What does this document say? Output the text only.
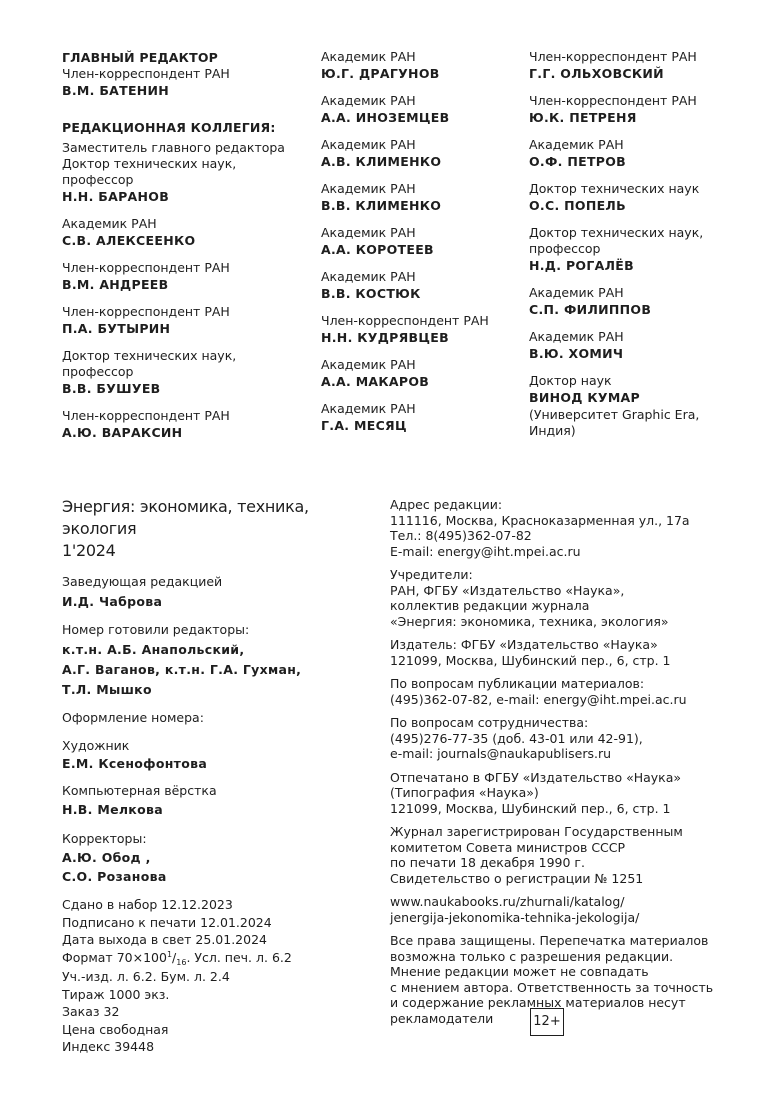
ГЛАВНЫЙ РЕДАКТОР
Член-корреспондент РАН
В.М. БАТЕНИН
РЕДАКЦИОННАЯ КОЛЛЕГИЯ:
Заместитель главного редактора
Доктор технических наук,
профессор
Н.Н. БАРАНОВ
Академик РАН
С.В. АЛЕКСЕЕНКО
Член-корреспондент РАН
В.М. АНДРЕЕВ
Член-корреспондент РАН
П.А. БУТЫРИН
Доктор технических наук,
профессор
В.В. БУШУЕВ
Член-корреспондент РАН
А.Ю. ВАРАКСИН
Академик РАН
Ю.Г. ДРАГУНОВ
Академик РАН
А.А. ИНОЗЕМЦЕВ
Академик РАН
А.В. КЛИМЕНКО
Академик РАН
В.В. КЛИМЕНКО
Академик РАН
А.А. КОРОТЕЕВ
Академик РАН
В.В. КОСТЮК
Член-корреспондент РАН
Н.Н. КУДРЯВЦЕВ
Академик РАН
А.А. МАКАРОВ
Академик РАН
Г.А. МЕСЯЦ
Член-корреспондент РАН
Г.Г. ОЛЬХОВСКИЙ
Член-корреспондент РАН
Ю.К. ПЕТРЕНЯ
Академик РАН
О.Ф. ПЕТРОВ
Доктор технических наук
О.С. ПОПЕЛЬ
Доктор технических наук,
профессор
Н.Д. РОГАЛЁВ
Академик РАН
С.П. ФИЛИППОВ
Академик РАН
В.Ю. ХОМИЧ
Доктор наук
ВИНОД КУМАР
(Университет Graphic Era,
Индия)
Энергия: экономика, техника, экология
1'2024
Заведующая редакцией
И.Д. Чаброва
Номер готовили редакторы:
к.т.н. А.Б. Анапольский,
А.Г. Ваганов, к.т.н. Г.А. Гухман,
Т.Л. Мышко
Оформление номера:
Художник
Е.М. Ксенофонтова
Компьютерная вёрстка
Н.В. Мелкова
Корректоры:
А.Ю. Обод ,
С.О. Розанова
Сдано в набор 12.12.2023
Подписано к печати 12.01.2024
Дата выхода в свет 25.01.2024
Формат $70\times 100^1/_{16}$. Усл. печ. л. 6.2
Уч.-изд. л. 6.2. Бум. л. 2.4
Тираж 1000 экз.
Заказ 32
Цена свободная
Индекс 39448
Адрес редакции:
111116, Москва, Красноказарменная ул., 17а
Тел.: 8(495)362-07-82
E-mail: energy@iht.mpei.ac.ru
Учредители:
РАН, ФГБУ «Издательство «Наука»,
коллектив редакции журнала
«Энергия: экономика, техника, экология»
Издатель: ФГБУ «Издательство «Наука»
121099, Москва, Шубинский пер., 6, стр. 1
По вопросам публикации материалов:
(495)362-07-82, e-mail: energy@iht.mpei.ac.ru
По вопросам сотрудничества:
(495)276-77-35 (доб. 43-01 или 42-91),
e-mail: journals@naukapublisers.ru
Отпечатано в ФГБУ «Издательство «Наука»
(Типография «Наука»)
121099, Москва, Шубинский пер., 6, стр. 1
Журнал зарегистрирован Государственным
комитетом Совета министров СССР
по печати 18 декабря 1990 г.
Свидетельство о регистрации № 1251
www.naukabooks.ru/zhurnali/katalog/
jenergija-jekonomika-tehnika-jekologija/
Все права защищены. Перепечатка материалов
возможна только с разрешения редакции.
Мнение редакции может не совпадать
с мнением автора. Ответственность за точность
и содержание рекламных материалов несут
рекламодатели	12+
